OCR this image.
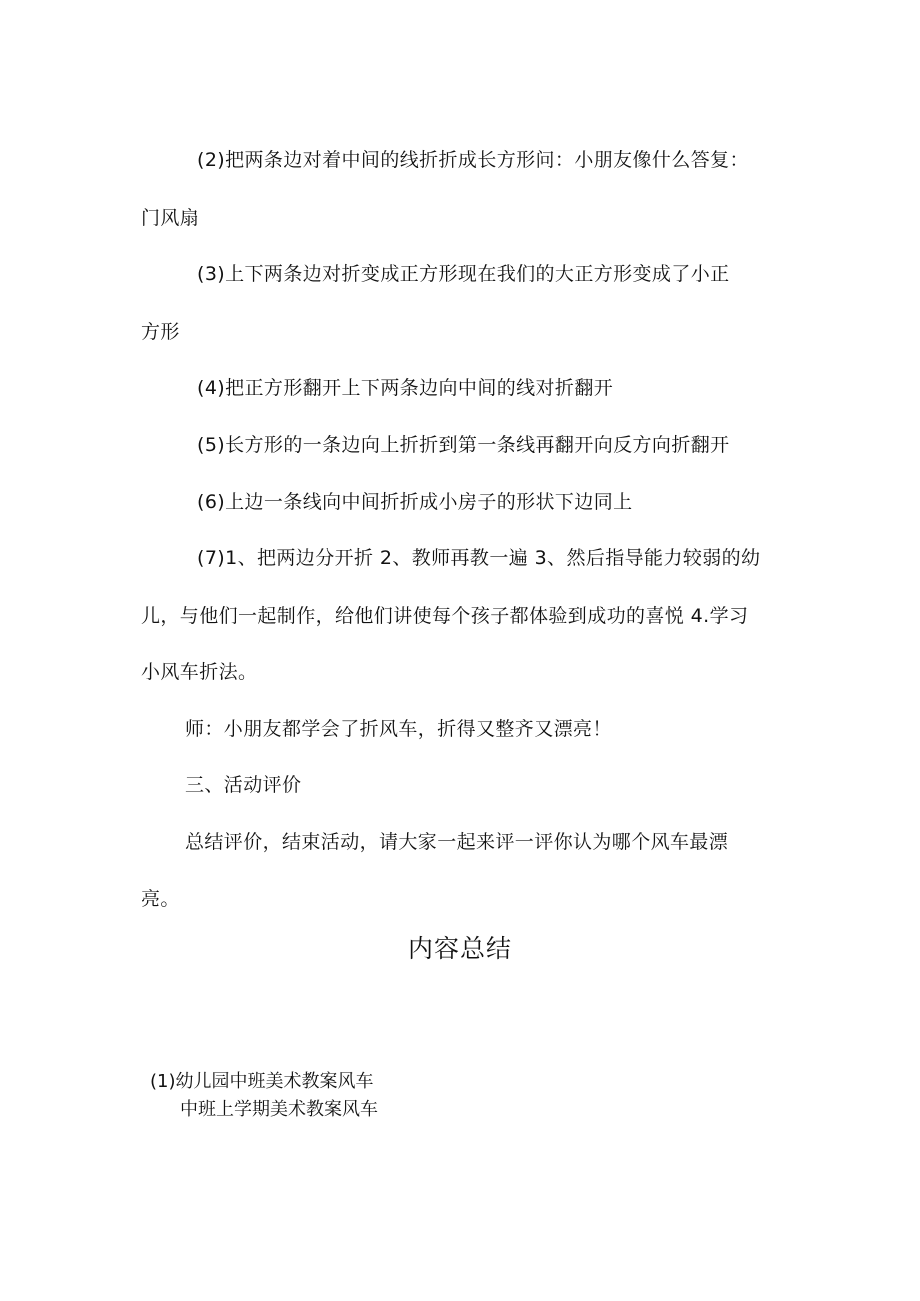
(2)把两条边对着中间的线折折成长方形问：小朋友像什么答复：
门风扇
(3)上下两条边对折变成正方形现在我们的大正方形变成了小正
方形
(4)把正方形翻开上下两条边向中间的线对折翻开
(5)长方形的一条边向上折折到第一条线再翻开向反方向折翻开
(6)上边一条线向中间折折成小房子的形状下边同上
(7)1、把两边分开折 2、教师再教一遍 3、然后指导能力较弱的幼
儿，与他们一起制作，给他们讲使每个孩子都体验到成功的喜悦 4.学习
小风车折法。
师：小朋友都学会了折风车，折得又整齐又漂亮！
三、活动评价
总结评价，结束活动，请大家一起来评一评你认为哪个风车最漂
亮。
内容总结
(1)幼儿园中班美术教案风车
中班上学期美术教案风车
